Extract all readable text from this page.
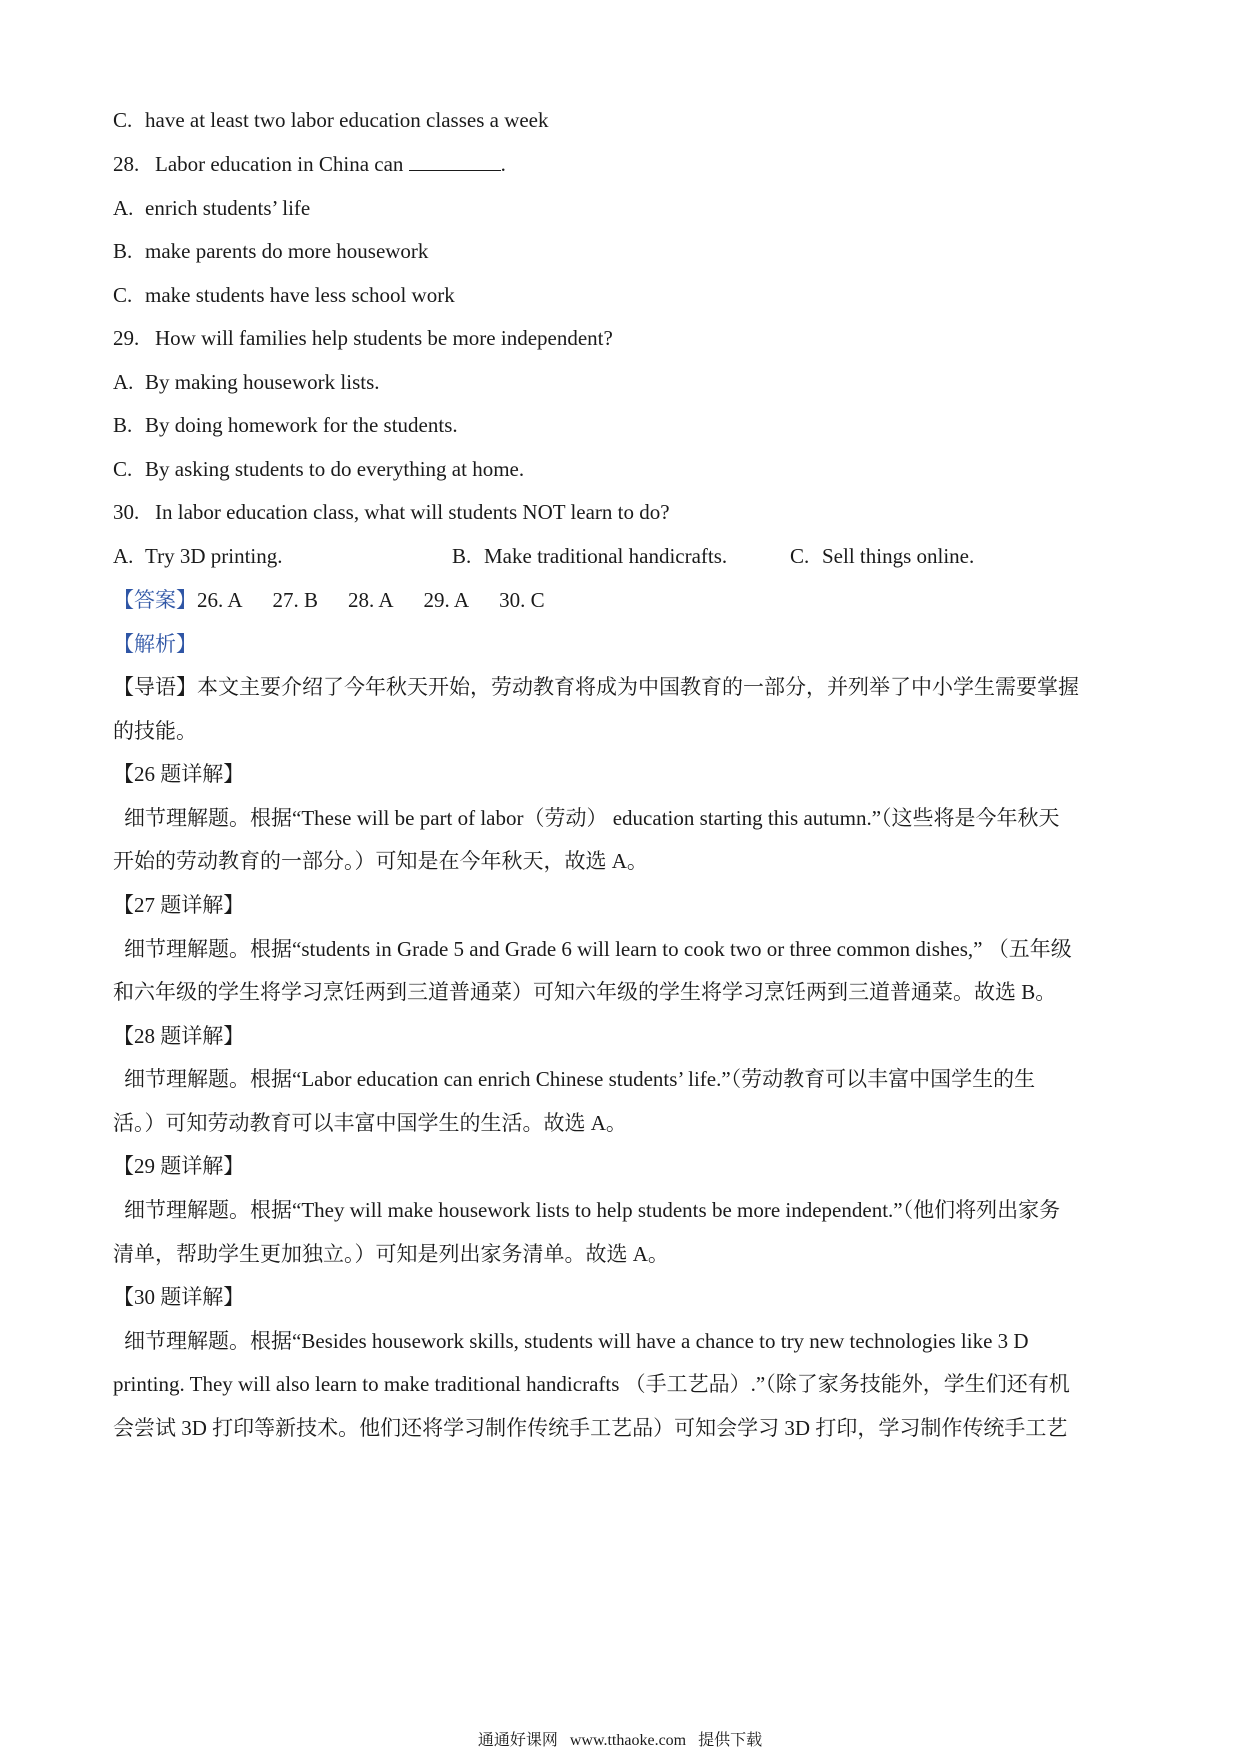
C. have at least two labor education classes a week
28. Labor education in China can	.
A. enrich students’ life
B. make parents do more housework
C. make students have less school work
29. How will families help students be more independent?
A. By making housework lists.
B. By doing homework for the students.
C. By asking students to do everything at home.
30. In labor education class, what will students NOT learn to do?
A. Try 3D printing.	B. Make traditional handicrafts.	C. Sell things online.
【答案】26. A 27. B 28. A 29. A 30. C
【解析】
【导语】本文主要介绍了今年秋天开始，劳动教育将成为中国教育的一部分，并列举了中小学生需要掌握
的技能。
【26 题详解】
细节理解题。根据“These will be part of labor（劳动） education starting this autumn.”（这些将是今年秋天
开始的劳动教育的一部分。）可知是在今年秋天，故选 A。
【27 题详解】
细节理解题。根据“students in Grade 5 and Grade 6 will learn to cook two or three common dishes,” （五年级
和六年级的学生将学习烹饪两到三道普通菜）可知六年级的学生将学习烹饪两到三道普通菜。故选 B。
【28 题详解】
细节理解题。根据“Labor education can enrich Chinese students’ life.”（劳动教育可以丰富中国学生的生
活。）可知劳动教育可以丰富中国学生的生活。故选 A。
【29 题详解】
细节理解题。根据“They will make housework lists to help students be more independent.”（他们将列出家务
清单，帮助学生更加独立。）可知是列出家务清单。故选 A。
【30 题详解】
细节理解题。根据“Besides housework skills, students will have a chance to try new technologies like 3 D
printing. They will also learn to make traditional handicrafts （手工艺品）.”（除了家务技能外，学生们还有机
会尝试 3D 打印等新技术。他们还将学习制作传统手工艺品）可知会学习 3D 打印，学习制作传统手工艺
通通好课网 www.tthaoke.com 提供下载
